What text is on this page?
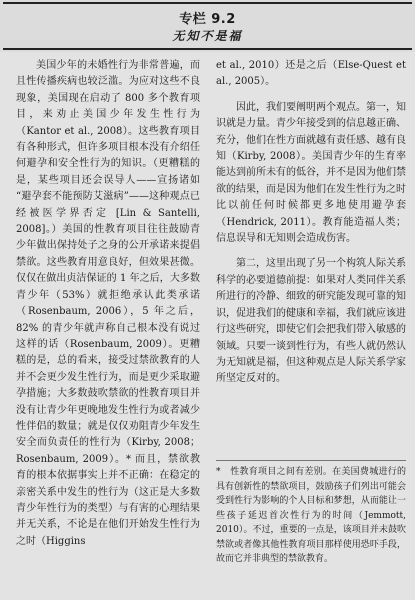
专栏 9.2
无知不是福

美国少年的未婚性行为非常普遍，而且性传播疾病也较泛滥。为应对这些不良现象，美国现在启动了 800 多个教育项目，来劝止美国少年发生性行为（Kantor et al., 2008）。这些教育项目有各种形式，但许多项目根本没有介绍任何避孕和安全性行为的知识。（更糟糕的是，某些项目还会误导人——宣扬诸如 “避孕套不能预防艾滋病”——这种观点已经被医学界否定 [Lin & Santelli, 2008]。）美国的性教育项目往往鼓励青少年做出保持处子之身的公开承诺来提倡禁欲。这些教育用意良好，但效果甚微。仅仅在做出贞洁保证的 1 年之后，大多数青少年（53%）就拒绝承认此类承诺（Rosenbaum, 2006），5 年之后，82% 的青少年就声称自己根本没有说过这样的话（Rosenbaum, 2009）。更糟糕的是，总的看来，接受过禁欲教育的人并不会更少发生性行为，而是更少采取避孕措施；大多数鼓吹禁欲的性教育项目并没有让青少年更晚地发生性行为或者减少性伴侣的数量；就是仅仅劝阻青少年发生安全而负责任的性行为（Kirby, 2008；Rosenbaum, 2009）。* 而且，禁欲教育的根本依据事实上并不正确：在稳定的亲密关系中发生的性行为（这正是大多数青少年性行为的类型）与有害的心理结果并无关系，不论是在他们开始发生性行为之时（Higgins

et al., 2010）还是之后（Else-Quest et al., 2005）。

因此，我们要阐明两个观点。第一，知识就是力量。青少年接受到的信息越正确、充分，他们在性方面就越有责任感、越有良知（Kirby, 2008）。美国青少年的生育率能达到前所未有的低谷，并不是因为他们禁欲的结果，而是因为他们在发生性行为之时比以前任何时候都更多地使用避孕套（Hendrick, 2011）。教育能造福人类；信息误导和无知则会造成伤害。

第二，这里出现了另一个构筑人际关系科学的必要道德前提：如果对人类同伴关系所进行的冷静、细致的研究能发现可靠的知识，促进我们的健康和幸福，我们就应该进行这些研究，即使它们会把我们带入敏感的领域。只要一谈到性行为，有些人就仍然认为无知就是福，但这种观点是人际关系学家所坚定反对的。

* 性教育项目之间有差别。在美国费城进行的具有创新性的禁欲项目，鼓励孩子们列出可能会受到性行为影响的个人目标和梦想，从而能让一些孩子延迟首次性行为的时间（Jemmott, 2010）。不过，重要的一点是，该项目并未鼓吹禁欲或者像其他性教育项目那样使用恐吓手段，故而它并非典型的禁欲教育。
